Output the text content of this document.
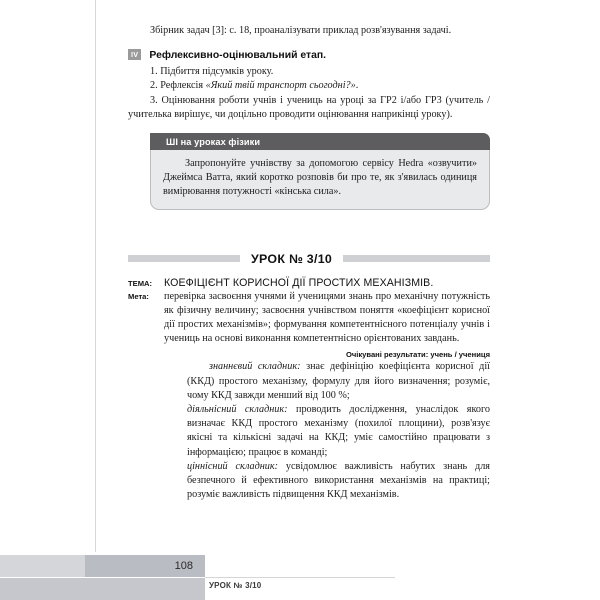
Збірник задач [3]: с. 18, проаналізувати приклад розв'язування задачі.

IV Рефлексивно-оцінювальний етап.
1. Підбиття підсумків уроку.
2. Рефлексія «Який твій транспорт сьогодні?».
3. Оцінювання роботи учнів і учениць на уроці за ГР2 і/або ГР3 (учитель / учителька вирішує, чи доцільно проводити оцінювання наприкінці уроку).
ШІ на уроках фізики

Запропонуйте учнівству за допомогою сервісу Hedra «озвучити» Джеймса Ватта, який коротко розповів би про те, як з'явилась одиниця вимірювання потужності «кінська сила».

УРОК № 3/10
ТЕМА:	КОЕФІЦІЄНТ КОРИСНОЇ ДІЇ ПРОСТИХ МЕХАНІЗМІВ.
Мета:	перевірка засвоєння учнями й ученицями знань про механічну потужність як фізичну величину; засвоєння учнівством поняття «коефіцієнт корисної дії простих механізмів»; формування компетентнісного потенціалу учнів і учениць на основі виконання компетентнісно орієнтованих завдань.
Очікувані результати: учень / учениця

знаннєвий складник: знає дефініцію коефіцієнта корисної дії (ККД) простого механізму, формулу для його визначення; розуміє, чому ККД завжди менший від 100 %;

діяльнісний складник: проводить дослідження, унаслідок якого визначає ККД простого механізму (похилої площини), розв'язує якісні та кількісні задачі на ККД; уміє самостійно працювати з інформацією; працює в команді;

ціннісний складник: усвідомлює важливість набутих знань для безпечного й ефективного використання механізмів на практиці; розуміє важливість підвищення ККД механізмів.

108
УРОК № 3/10
